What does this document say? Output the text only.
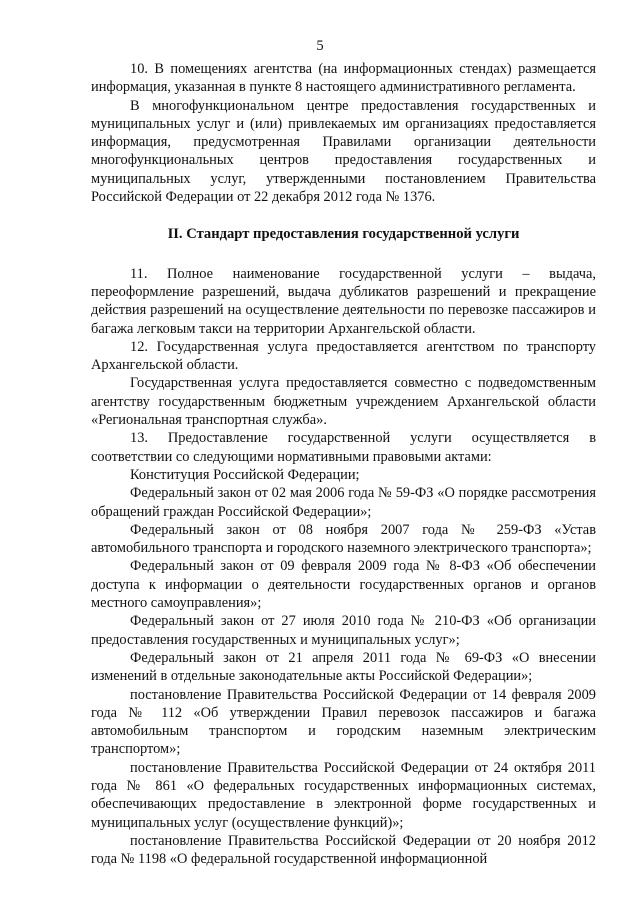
5

10. В помещениях агентства (на информационных стендах) размещается информация, указанная в пункте 8 настоящего административного регламента.

В многофункциональном центре предоставления государственных и муниципальных услуг и (или) привлекаемых им организациях предоставляется информация, предусмотренная Правилами организации деятельности многофункциональных центров предоставления государственных и муниципальных услуг, утвержденными постановлением Правительства Российской Федерации от 22 декабря 2012 года № 1376.

II. Стандарт предоставления государственной услуги

11. Полное наименование государственной услуги – выдача, переоформление разрешений, выдача дубликатов разрешений и прекращение действия разрешений на осуществление деятельности по перевозке пассажиров и багажа легковым такси на территории Архангельской области.

12. Государственная услуга предоставляется агентством по транспорту Архангельской области.

Государственная услуга предоставляется совместно с подведомственным агентству государственным бюджетным учреждением Архангельской области «Региональная транспортная служба».

13. Предоставление государственной услуги осуществляется в соответствии со следующими нормативными правовыми актами:

Конституция Российской Федерации;

Федеральный закон от 02 мая 2006 года № 59-ФЗ «О порядке рассмотрения обращений граждан Российской Федерации»;

Федеральный закон от 08 ноября 2007 года № 259-ФЗ «Устав автомобильного транспорта и городского наземного электрического транспорта»;

Федеральный закон от 09 февраля 2009 года № 8-ФЗ «Об обеспечении доступа к информации о деятельности государственных органов и органов местного самоуправления»;

Федеральный закон от 27 июля 2010 года № 210-ФЗ «Об организации предоставления государственных и муниципальных услуг»;

Федеральный закон от 21 апреля 2011 года № 69-ФЗ «О внесении изменений в отдельные законодательные акты Российской Федерации»;

постановление Правительства Российской Федерации от 14 февраля 2009 года № 112 «Об утверждении Правил перевозок пассажиров и багажа автомобильным транспортом и городским наземным электрическим транспортом»;

постановление Правительства Российской Федерации от 24 октября 2011 года № 861 «О федеральных государственных информационных системах, обеспечивающих предоставление в электронной форме государственных и муниципальных услуг (осуществление функций)»;

постановление Правительства Российской Федерации от 20 ноября 2012 года № 1198 «О федеральной государственной информационной
